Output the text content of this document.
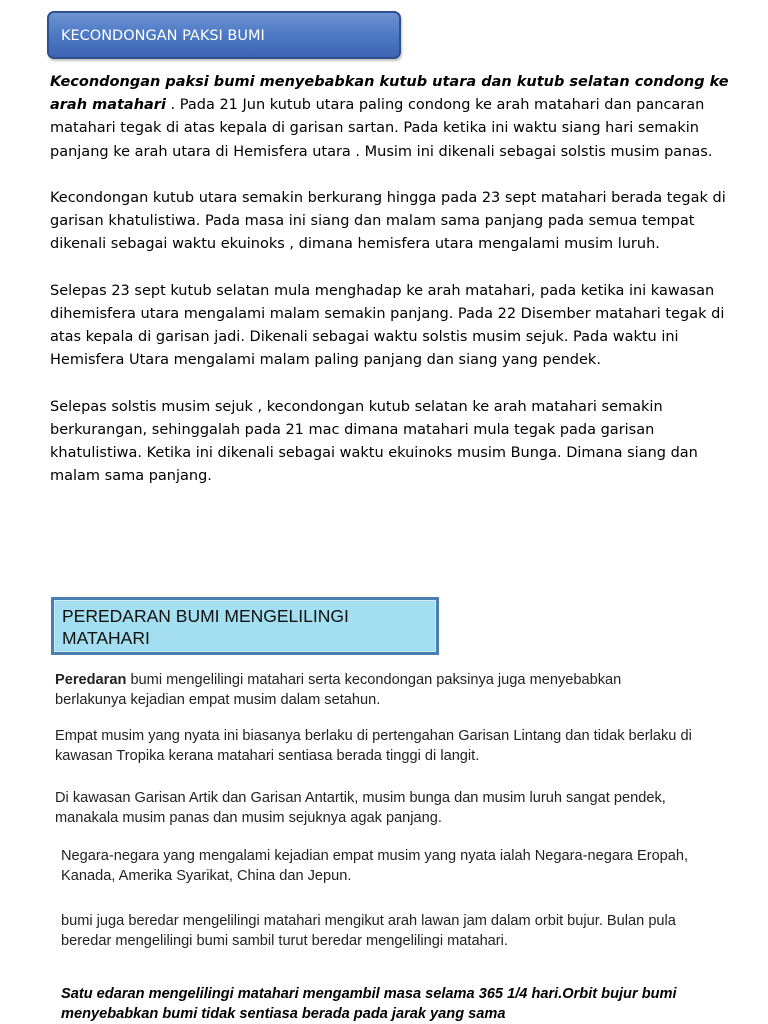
KECONDONGAN PAKSI BUMI

Kecondongan paksi bumi menyebabkan kutub utara dan kutub selatan condong ke arah matahari . Pada 21 Jun kutub utara paling condong ke arah matahari dan pancaran matahari tegak di atas kepala di garisan sartan. Pada ketika ini waktu siang hari semakin panjang ke arah utara di Hemisfera utara . Musim ini dikenali sebagai solstis musim panas.

Kecondongan kutub utara semakin berkurang hingga pada 23 sept matahari berada tegak di garisan khatulistiwa. Pada masa ini siang dan malam sama panjang pada semua tempat dikenali sebagai waktu ekuinoks , dimana hemisfera utara mengalami musim luruh.

Selepas 23 sept kutub selatan mula menghadap ke arah matahari, pada ketika ini kawasan dihemisfera utara mengalami malam semakin panjang. Pada 22 Disember matahari tegak di atas kepala di garisan jadi. Dikenali sebagai waktu solstis musim sejuk. Pada waktu ini Hemisfera Utara mengalami malam paling panjang dan siang yang pendek.

Selepas solstis musim sejuk , kecondongan kutub selatan ke arah matahari semakin berkurangan, sehinggalah pada 21 mac dimana matahari mula tegak pada garisan khatulistiwa. Ketika ini dikenali sebagai waktu ekuinoks musim Bunga. Dimana siang dan malam sama panjang.

PEREDARAN BUMI MENGELILINGI MATAHARI
Peredaran bumi mengelilingi matahari serta kecondongan paksinya juga menyebabkan berlakunya kejadian empat musim dalam setahun.
Empat musim yang nyata ini biasanya berlaku di pertengahan Garisan Lintang dan tidak berlaku di kawasan Tropika kerana matahari sentiasa berada tinggi di langit.
Di kawasan Garisan Artik dan Garisan Antartik, musim bunga dan musim luruh sangat pendek, manakala musim panas dan musim sejuknya agak panjang.
Negara-negara yang mengalami kejadian empat musim yang nyata ialah Negara-negara Eropah, Kanada, Amerika Syarikat, China dan Jepun.
bumi juga beredar mengelilingi matahari mengikut arah lawan jam dalam orbit bujur. Bulan pula beredar mengelilingi bumi sambil turut beredar mengelilingi matahari.
Satu edaran mengelilingi matahari mengambil masa selama 365 1/4 hari.Orbit bujur bumi menyebabkan bumi tidak sentiasa berada pada jarak yang sama
